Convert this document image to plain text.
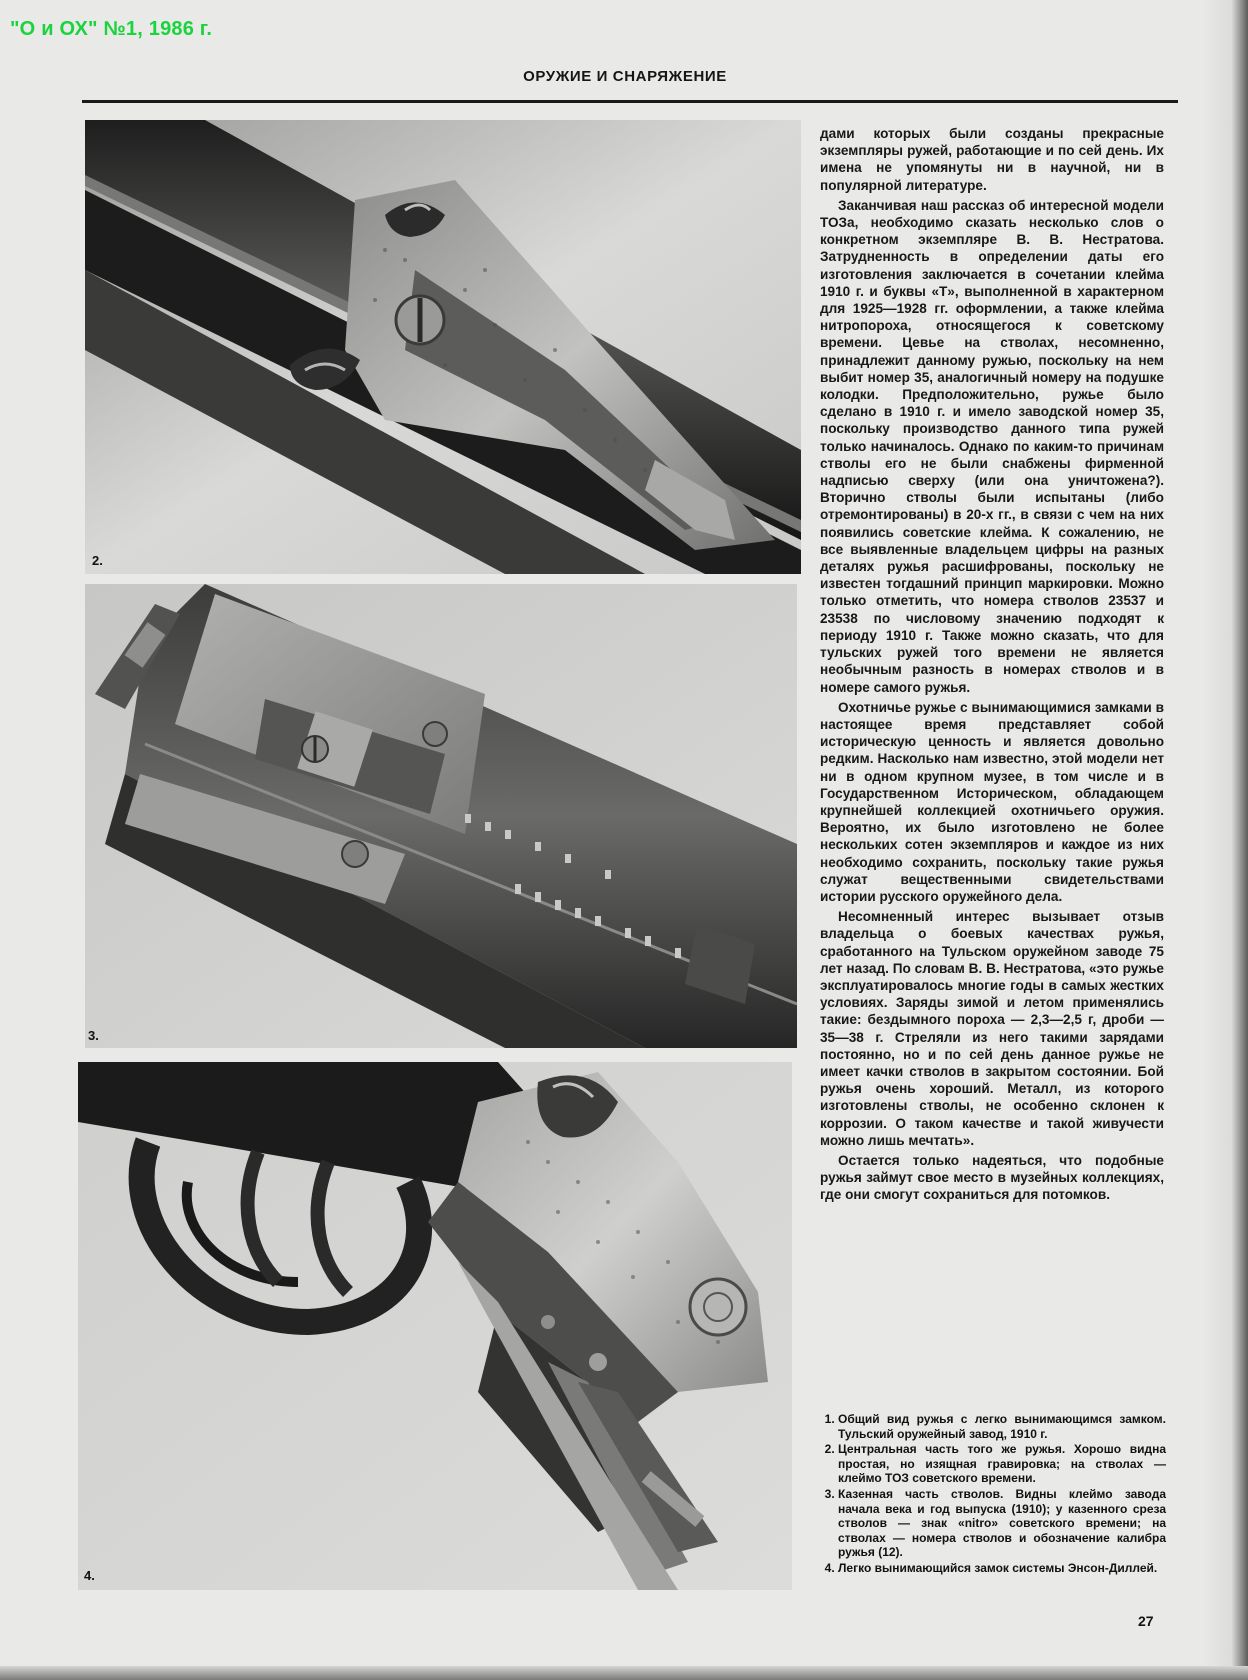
"О и ОХ" №1, 1986 г.
ОРУЖИЕ И СНАРЯЖЕНИЕ
2.
3.
4.

дами которых были созданы прекрасные экземпляры ружей, работающие и по сей день. Их имена не упомянуты ни в научной, ни в популярной литературе.

Заканчивая наш рассказ об интересной модели ТОЗа, необходимо сказать несколько слов о конкретном экземпляре В. В. Нестратова. Затрудненность в определении даты его изготовления заключается в сочетании клейма 1910 г. и буквы «Т», выполненной в характерном для 1925—1928 гг. оформлении, а также клейма нитропороха, относящегося к советскому времени. Цевье на стволах, несомненно, принадлежит данному ружью, поскольку на нем выбит номер 35, аналогичный номеру на подушке колодки. Предположительно, ружье было сделано в 1910 г. и имело заводской номер 35, поскольку производство данного типа ружей только начиналось. Однако по каким-то причинам стволы его не были снабжены фирменной надписью сверху (или она уничтожена?). Вторично стволы были испытаны (либо отремонтированы) в 20-х гг., в связи с чем на них появились советские клейма. К сожалению, не все выявленные владельцем цифры на разных деталях ружья расшифрованы, поскольку не известен тогдашний принцип маркировки. Можно только отметить, что номера стволов 23537 и 23538 по числовому значению подходят к периоду 1910 г. Также можно сказать, что для тульских ружей того времени не является необычным разность в номерах стволов и в номере самого ружья.

Охотничье ружье с вынимающимися замками в настоящее время представляет собой историческую ценность и является довольно редким. Насколько нам известно, этой модели нет ни в одном крупном музее, в том числе и в Государственном Историческом, обладающем крупнейшей коллекцией охотничьего оружия. Вероятно, их было изготовлено не более нескольких сотен экземпляров и каждое из них необходимо сохранить, поскольку такие ружья служат вещественными свидетельствами истории русского оружейного дела.

Несомненный интерес вызывает отзыв владельца о боевых качествах ружья, сработанного на Тульском оружейном заводе 75 лет назад. По словам В. В. Нестратова, «это ружье эксплуатировалось многие годы в самых жестких условиях. Заряды зимой и летом применялись такие: бездымного пороха — 2,3—2,5 г, дроби — 35—38 г. Стреляли из него такими зарядами постоянно, но и по сей день данное ружье не имеет качки стволов в закрытом состоянии. Бой ружья очень хороший. Металл, из которого изготовлены стволы, не особенно склонен к коррозии. О таком качестве и такой живучести можно лишь мечтать».

Остается только надеяться, что подобные ружья займут свое место в музейных коллекциях, где они смогут сохраниться для потомков.

1. Общий вид ружья с легко вынимающимся замком. Тульский оружейный завод, 1910 г.
2. Центральная часть того же ружья. Хорошо видна простая, но изящная гравировка; на стволах — клеймо ТОЗ советского времени.
3. Казенная часть стволов. Видны клеймо завода начала века и год выпуска (1910); у казенного среза стволов — знак «nitro» советского времени; на стволах — номера стволов и обозначение калибра ружья (12).
4. Легко вынимающийся замок системы Энсон-Диллей.
27
